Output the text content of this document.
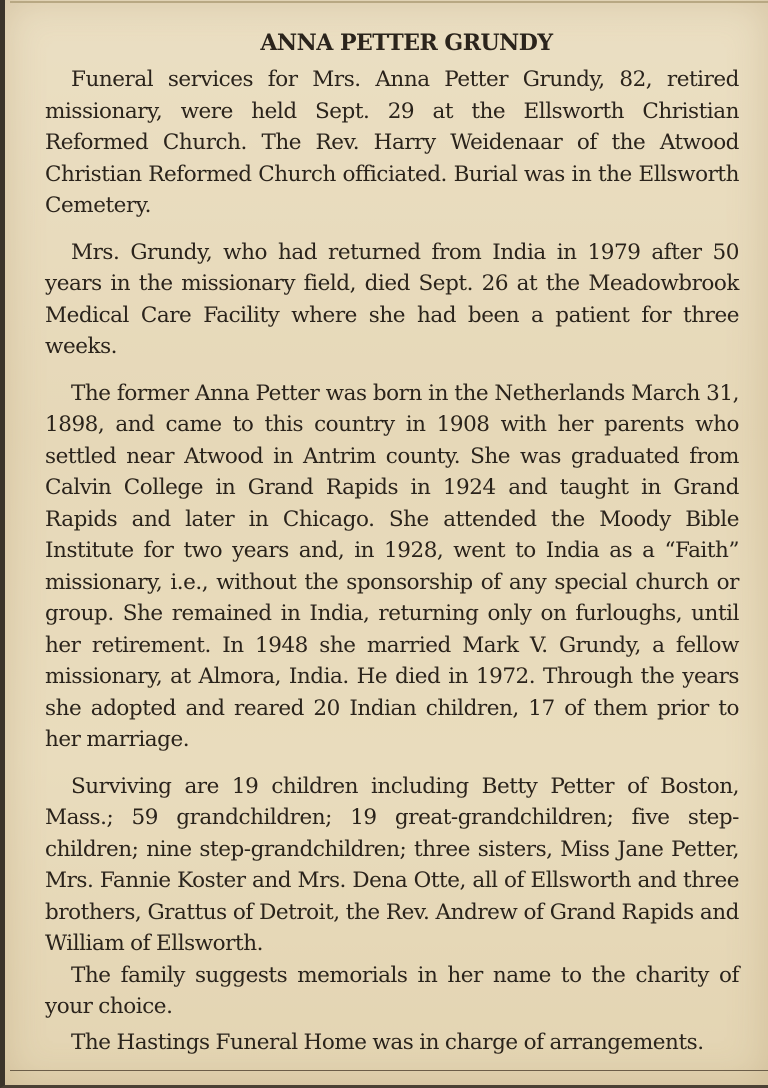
ANNA PETTER GRUNDY

Funeral services for Mrs. Anna Petter Grundy, 82, retired missionary, were held Sept. 29 at the Ellsworth Christian Reformed Church. The Rev. Harry Weidenaar of the Atwood Christian Reformed Church officiated. Burial was in the Ellsworth Cemetery.

Mrs. Grundy, who had returned from India in 1979 after 50 years in the missionary field, died Sept. 26 at the Meadowbrook Medical Care Facility where she had been a patient for three weeks.

The former Anna Petter was born in the Netherlands March 31, 1898, and came to this country in 1908 with her parents who settled near Atwood in Antrim county. She was graduated from Calvin College in Grand Rapids in 1924 and taught in Grand Rapids and later in Chicago. She attended the Moody Bible Institute for two years and, in 1928, went to India as a “Faith” missionary, i.e., without the sponsorship of any special church or group. She remained in India, returning only on furloughs, until her retirement. In 1948 she married Mark V. Grundy, a fellow missionary, at Almora, India. He died in 1972. Through the years she adopted and reared 20 Indian children, 17 of them prior to her marriage.

Surviving are 19 children including Betty Petter of Boston, Mass.; 59 grandchildren; 19 great-grandchildren; five step-children; nine step-grandchildren; three sisters, Miss Jane Petter, Mrs. Fannie Koster and Mrs. Dena Otte, all of Ellsworth and three brothers, Grattus of Detroit, the Rev. Andrew of Grand Rapids and William of Ellsworth.

The family suggests memorials in her name to the charity of your choice.

The Hastings Funeral Home was in charge of arrangements.
